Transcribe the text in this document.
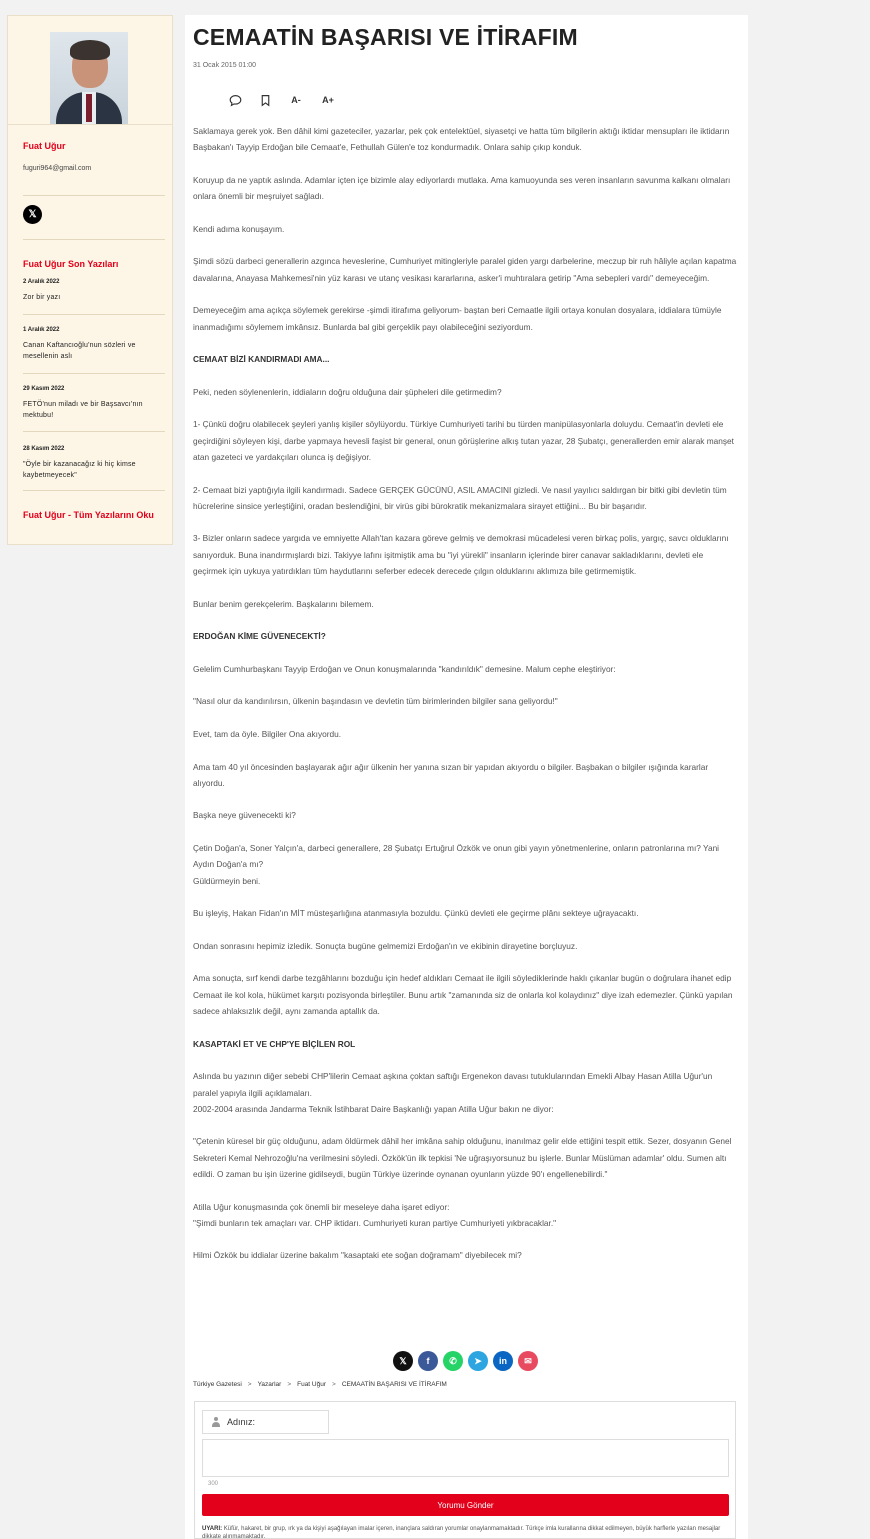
Fuat Uğur
fuguri964@gmail.com
𝕏
Fuat Uğur Son Yazıları
2 Aralık 2022
Zor bir yazı
1 Aralık 2022
Canan Kaftancıoğlu'nun sözleri ve mesellenin aslı
29 Kasım 2022
FETÖ'nun miladı ve bir Başsavcı'nın mektubu!
28 Kasım 2022
"Öyle bir kazanacağız ki hiç kimse kaybetmeyecek"
Fuat Uğur - Tüm Yazılarını Oku
CEMAATİN BAŞARISI VE İTİRAFIM
31 Ocak 2015 01:00
A-	A+
Saklamaya gerek yok. Ben dâhil kimi gazeteciler, yazarlar, pek çok entelektüel, siyasetçi ve hatta tüm bilgilerin aktığı iktidar mensupları ile iktidarın Başbakan'ı Tayyip Erdoğan bile Cemaat'e, Fethullah Gülen'e toz kondurmadık. Onlara sahip çıkıp konduk.
Koruyup da ne yaptık aslında. Adamlar içten içe bizimle alay ediyorlardı mutlaka. Ama kamuoyunda ses veren insanların savunma kalkanı olmaları onlara önemli bir meşruiyet sağladı.
Kendi adıma konuşayım.
Şimdi sözü darbeci generallerin azgınca heveslerine, Cumhuriyet mitingleriyle paralel giden yargı darbelerine, meczup bir ruh hâliyle açılan kapatma davalarına, Anayasa Mahkemesi'nin yüz karası ve utanç vesikası kararlarına, asker'i muhtıralara getirip "Ama sebepleri vardı" demeyeceğim.
Demeyeceğim ama açıkça söylemek gerekirse -şimdi itirafıma geliyorum- baştan beri Cemaatle ilgili ortaya konulan dosyalara, iddialara tümüyle inanmadığımı söylemem imkânsız. Bunlarda bal gibi gerçeklik payı olabileceğini seziyordum.
CEMAAT BİZİ KANDIRMADI AMA...
Peki, neden söylenenlerin, iddiaların doğru olduğuna dair şüpheleri dile getirmedim?
1- Çünkü doğru olabilecek şeyleri yanlış kişiler söylüyordu. Türkiye Cumhuriyeti tarihi bu türden manipülasyonlarla doluydu. Cemaat'in devleti ele geçirdiğini söyleyen kişi, darbe yapmaya hevesli faşist bir general, onun görüşlerine alkış tutan yazar, 28 Şubatçı, generallerden emir alarak manşet atan gazeteci ve yardakçıları olunca iş değişiyor.
2- Cemaat bizi yaptığıyla ilgili kandırmadı. Sadece GERÇEK GÜCÜNÜ, ASIL AMACINI gizledi. Ve nasıl yayılıcı saldırgan bir bitki gibi devletin tüm hücrelerine sinsice yerleştiğini, oradan beslendiğini, bir virüs gibi bürokratik mekanizmalara sirayet ettiğini... Bu bir başarıdır.
3- Bizler onların sadece yargıda ve emniyette Allah'tan kazara göreve gelmiş ve demokrasi mücadelesi veren birkaç polis, yargıç, savcı olduklarını sanıyorduk. Buna inandırmışlardı bizi. Takiyye lafını işitmiştik ama bu "iyi yürekli" insanların içlerinde birer canavar sakladıklarını, devleti ele geçirmek için uykuya yatırdıkları tüm haydutlarını seferber edecek derecede çılgın olduklarını aklımıza bile getirmemiştik.
Bunlar benim gerekçelerim. Başkalarını bilemem.
ERDOĞAN KİME GÜVENECEKTİ?
Gelelim Cumhurbaşkanı Tayyip Erdoğan ve Onun konuşmalarında "kandırıldık" demesine. Malum cephe eleştiriyor:
"Nasıl olur da kandırılırsın, ülkenin başındasın ve devletin tüm birimlerinden bilgiler sana geliyordu!"
Evet, tam da öyle. Bilgiler Ona akıyordu.
Ama tam 40 yıl öncesinden başlayarak ağır ağır ülkenin her yanına sızan bir yapıdan akıyordu o bilgiler. Başbakan o bilgiler ışığında kararlar alıyordu.
Başka neye güvenecekti ki?
Çetin Doğan'a, Soner Yalçın'a, darbeci generallere, 28 Şubatçı Ertuğrul Özkök ve onun gibi yayın yönetmenlerine, onların patronlarına mı? Yani Aydın Doğan'a mı?
Güldürmeyin beni.
Bu işleyiş, Hakan Fidan'ın MİT müsteşarlığına atanmasıyla bozuldu. Çünkü devleti ele geçirme plânı sekteye uğrayacaktı.
Ondan sonrasını hepimiz izledik. Sonuçta bugüne gelmemizi Erdoğan'ın ve ekibinin dirayetine borçluyuz.
Ama sonuçta, sırf kendi darbe tezgâhlarını bozduğu için hedef aldıkları Cemaat ile ilgili söylediklerinde haklı çıkanlar bugün o doğrulara ihanet edip Cemaat ile kol kola, hükümet karşıtı pozisyonda birleştiler. Bunu artık "zamanında siz de onlarla kol kolaydınız" diye izah edemezler. Çünkü yapılan sadece ahlaksızlık değil, aynı zamanda aptallık da.
KASAPTAKİ ET VE CHP'YE BİÇİLEN ROL
Aslında bu yazının diğer sebebi CHP'lilerin Cemaat aşkına çoktan saftığı Ergenekon davası tutuklularından Emekli Albay Hasan Atilla Uğur'un paralel yapıyla ilgili açıklamaları.
2002-2004 arasında Jandarma Teknik İstihbarat Daire Başkanlığı yapan Atilla Uğur bakın ne diyor:
"Çetenin küresel bir güç olduğunu, adam öldürmek dâhil her imkâna sahip olduğunu, inanılmaz gelir elde ettiğini tespit ettik. Sezer, dosyanın Genel Sekreteri Kemal Nehrozoğlu'na verilmesini söyledi. Özkök'ün ilk tepkisi 'Ne uğraşıyorsunuz bu işlerle. Bunlar Müslüman adamlar' oldu. Sumen altı edildi. O zaman bu işin üzerine gidilseydi, bugün Türkiye üzerinde oynanan oyunların yüzde 90'ı engellenebilirdi."
Atilla Uğur konuşmasında çok önemli bir meseleye daha işaret ediyor:
"Şimdi bunların tek amaçları var. CHP iktidarı. Cumhuriyeti kuran partiye Cumhuriyeti yıkbracaklar."
Hilmi Özkök bu iddialar üzerine bakalım "kasaptaki ete soğan doğramam" diyebilecek mi?
𝕏	f	✆	➤	in	✉
Türkiye Gazetesi > Yazarlar > Fuat Uğur > CEMAATİN BAŞARISI VE İTİRAFIM
Adınız:
300
Yorumu Gönder
UYARI: Küfür, hakaret, bir grup, ırk ya da kişiyi aşağılayan imalar içeren, inançlara saldıran yorumlar onaylanmamaktadır. Türkçe imla kurallarına dikkat edilmeyen, büyük harflerle yazılan mesajlar dikkate alınmamaktadır.
